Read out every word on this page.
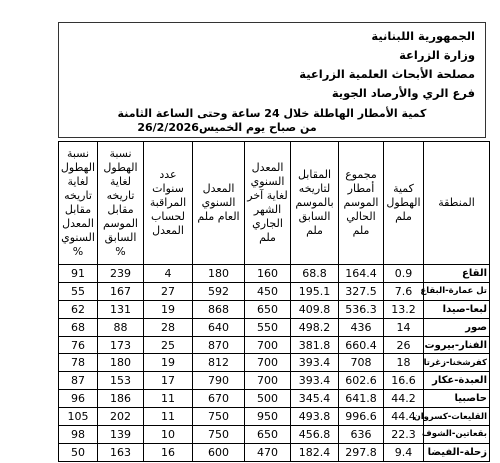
الجمهورية اللبنانية
وزارة الزراعة
مصلحة الأبحاث العلمية الزراعية
فرع الري والأرصاد الجوية
كمية الأمطار الهاطلة خلال 24 ساعة وحتى الساعة الثامنة
من صباح يوم الخميس26/2/2026
المنطقة	كمية الهطول ملم	مجموع أمطار الموسم الحالي ملم	المقابل لتاريخه بالموسم السابق ملم	المعدل السنوي لغاية آخر الشهر الجاري ملم	المعدل السنوي العام ملم	عدد سنوات المراقبة لحساب المعدل	نسبة الهطول لغاية تاريخه مقابل الموسم السابق %	نسبة الهطول لغاية تاريخه مقابل المعدل السنوي %
القاع	0.9	164.4	68.8	160	180	4	239	91
تل عمارة-البقاع	7.6	327.5	195.1	450	592	27	167	55
لبعا-صيدا	13.2	536.3	409.8	650	868	19	131	62
صور	14	436	498.2	550	640	28	88	68
الفنار-بيروت	26	660.4	381.8	700	870	25	173	76
كفرشخنا-زغرتا	18	708	393.4	700	812	19	180	78
العبدة-عكار	16.6	602.6	393.4	700	790	17	153	87
حاصبيا	44.2	641.8	345.4	500	670	11	186	96
القليعات-كسروان	44.4	996.6	493.8	950	750	11	202	105
بقعاتين-الشوف	22.3	636	456.8	650	750	10	139	98
زحلة-الفيضا	9.4	297.8	182.4	470	600	16	163	50
